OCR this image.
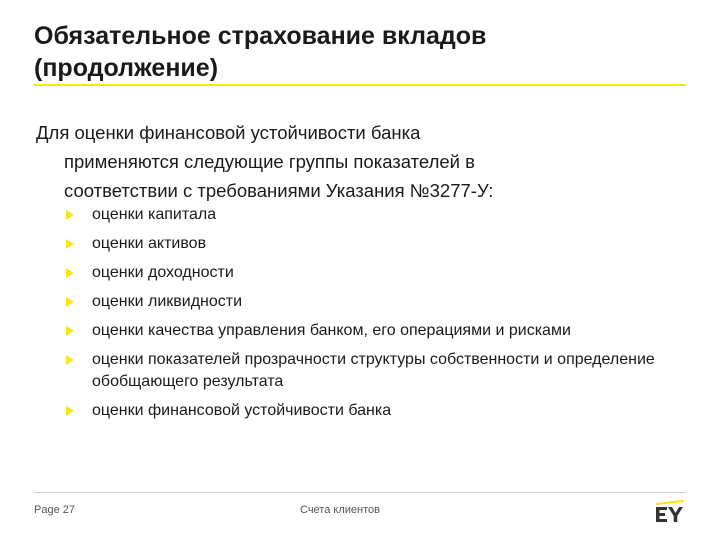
Обязательное страхование вкладов
(продолжение)

Для оценки финансовой устойчивости банка
применяются следующие группы показателей в
соответствии с требованиями Указания №3277-У:

оценки капитала
оценки активов
оценки доходности
оценки ликвидности
оценки качества управления банком, его операциями и рисками
оценки показателей прозрачности структуры собственности и определение обобщающего результата
оценки финансовой устойчивости банка
Page 27	Счета клиентов
